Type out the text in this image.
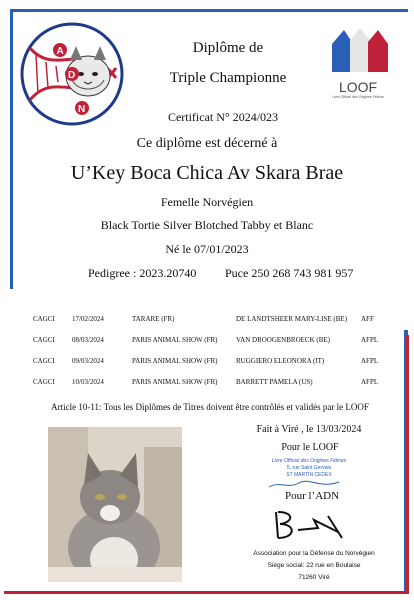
A
D
N
LOOF
Livre Officiel des Origines Félines
Diplôme de
Triple Championne
Certificat N° 2024/023
Ce diplôme est décerné à
U’Key Boca Chica Av Skara Brae
Femelle Norvégien
Black Tortie Silver Blotched Tabby et Blanc
Né le 07/01/2023
Pedigree : 2023.20740 Puce 250 268 743 981 957
CAGCI 17/02/2024	TARARE (FR)	DE LANDTSHEER MARY-LISE (BE) AFF
CAGCI 08/03/2024	PARIS ANIMAL SHOW (FR)	VAN DROOGENBROECK (BE)	AFPL
CAGCI 09/03/2024	PARIS ANIMAL SHOW (FR)	RUGGIERO ELEONORA (IT)	AFPL
CAGCI 10/03/2024	PARIS ANIMAL SHOW (FR)	BARRETT PAMELA (US)	AFPL
Article 10-11: Tous les Diplômes de Titres doivent être contrôlés et validés par le LOOF
Fait à Viré , le 13/03/2024
Pour le LOOF
Livre Officiel des Origines Félines
5, rue Saint Gervais
ST MARTIN CEDEX
Pour l’ADN
Association pour la Défense du Norvégien
Siège social: 22 rue en Boulaise
71260 Viré
